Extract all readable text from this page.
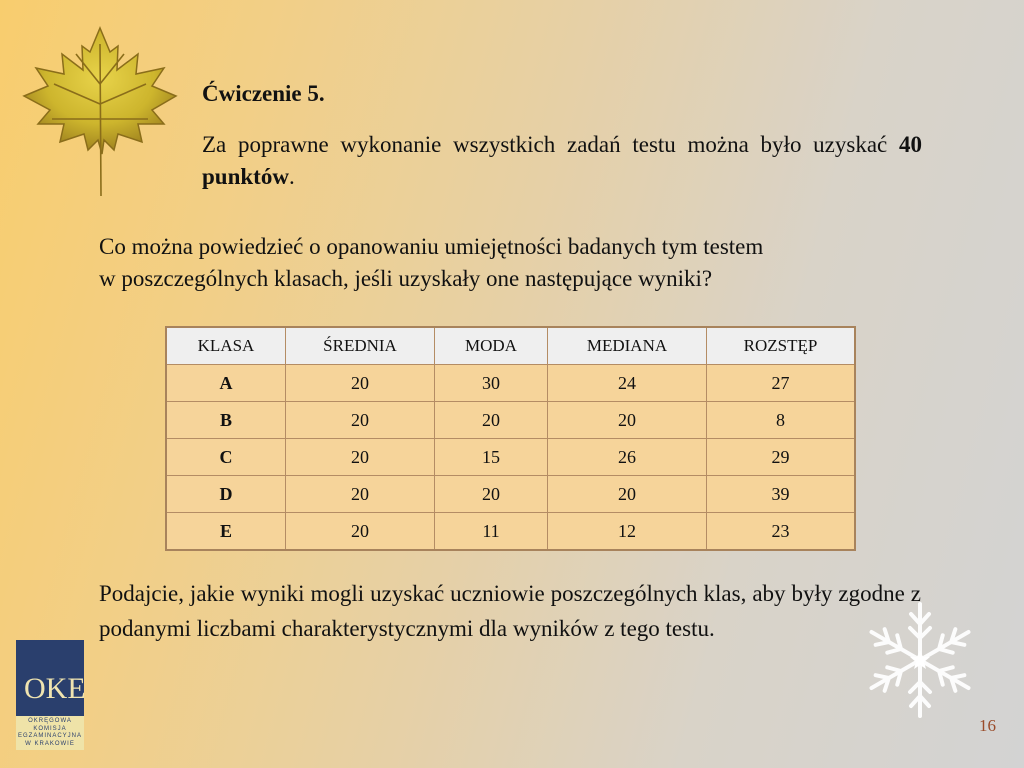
Ćwiczenie 5.

Za poprawne wykonanie wszystkich zadań testu można było uzyskać 40 punktów.

Co można powiedzieć o opanowaniu umiejętności badanych tym testem
w poszczególnych klasach, jeśli uzyskały one następujące wyniki?

KLASA	ŚREDNIA	MODA	MEDIANA	ROZSTĘP
A	20	30	24	27
B	20	20	20	8
C	20	15	26	29
D	20	20	20	39
E	20	11	12	23

Podajcie, jakie wyniki mogli uzyskać uczniowie poszczególnych klas, aby były zgodne z podanymi liczbami charakterystycznymi dla wyników z tego testu.

OKE
OKRĘGOWA
KOMISJA
EGZAMINACYJNA
W KRAKOWIE
16
